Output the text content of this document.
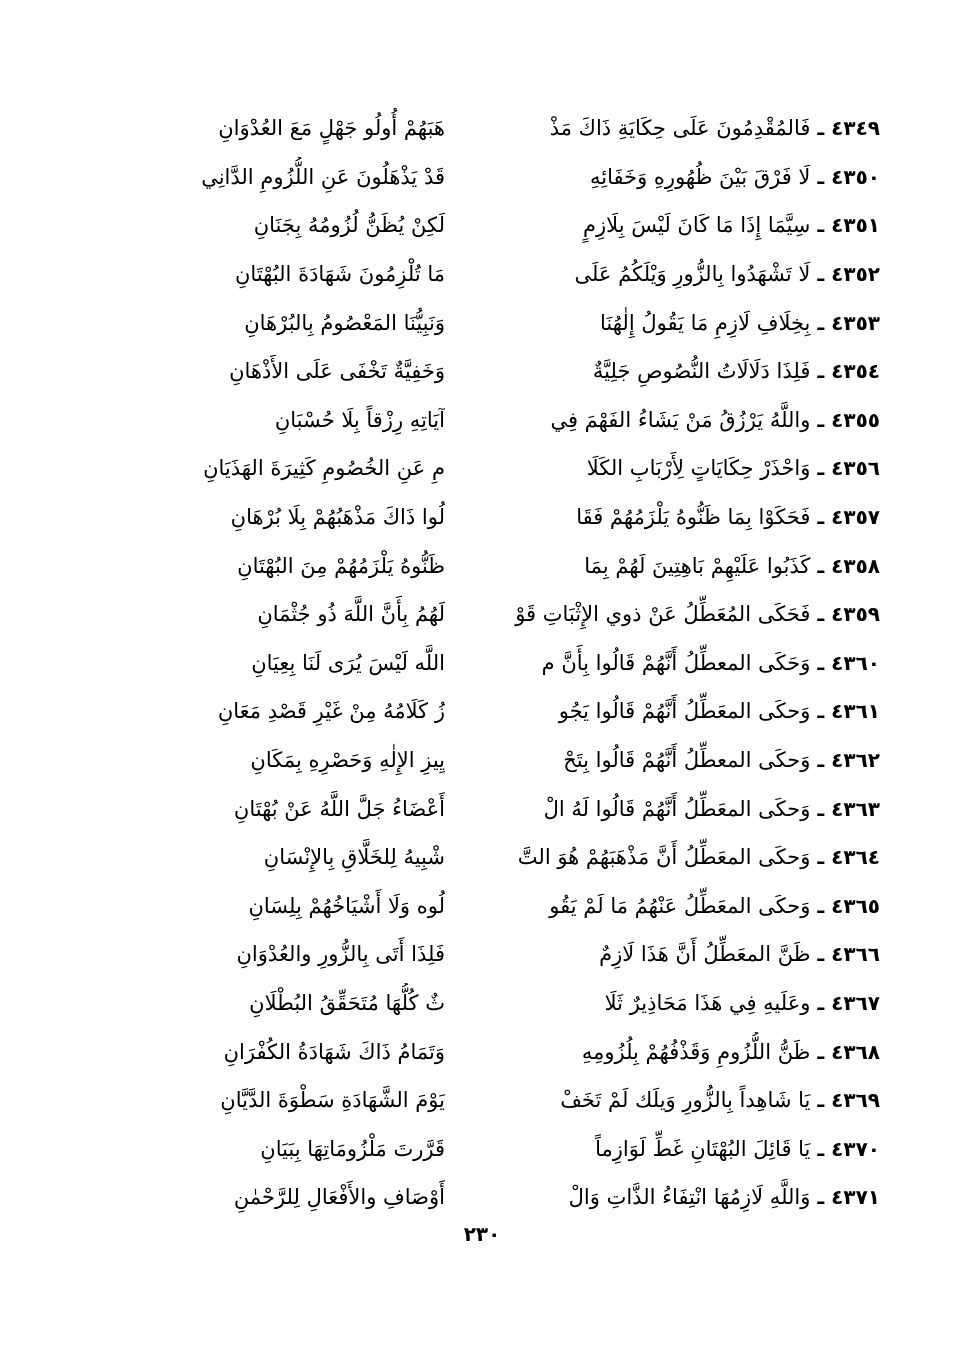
٤٣٤٩ ـ فَالمُقْدِمُونَ عَلَى حِكَايَةِ ذَاكَ مَذْ
هَبَهُمْ أُولُو جَهْلٍ مَعَ العُدْوَانِ
٤٣٥٠ ـ لَا فَرْقَ بَيْنَ ظُهُورِهِ وَخَفَائِهِ
قَدْ يَذْهَلُونَ عَنِ اللُّزُومِ الدَّانِي
٤٣٥١ ـ سِيَّمَا إِذَا مَا كَانَ لَيْسَ بِلَازِمٍ
لَكِنْ يُظَنُّ لُزُومُهُ بِجَنَانِ
٤٣٥٢ ـ لَا تَشْهَدُوا بِالزُّورِ وَيْلَكُمُ عَلَى
مَا تُلْزِمُونَ شَهَادَةَ البُهْتَانِ
٤٣٥٣ ـ بِخِلَافِ لَازِمِ مَا يَقُولُ إِلٰهُنَا
وَنَبِيُّنَا المَعْصُومُ بِالبُرْهَانِ
٤٣٥٤ ـ فَلِذَا دَلَالَاتُ النُّصُوصِ جَلِيَّةٌ
وَخَفِيَّةٌ تَخْفَى عَلَى الأَذْهَانِ
٤٣٥٥ ـ واللَّهُ يَرْزُقُ مَنْ يَشَاءُ الفَهْمَ فِي
آيَاتِهِ رِزْقاً بِلَا حُسْبَانِ
٤٣٥٦ ـ وَاحْذَرْ حِكَايَاتٍ لِأَرْبَابِ الكَلَا
مِ عَنِ الخُصُومِ كَثِيرَةَ الهَذَيَانِ
٤٣٥٧ ـ فَحَكَوْا بِمَا ظَنُّوهُ يَلْزَمُهُمْ فَقَا
لُوا ذَاكَ مَذْهَبُهُمْ بِلَا بُرْهَانِ
٤٣٥٨ ـ كَذَبُوا عَلَيْهِمْ بَاهِتِينَ لَهُمْ بِمَا
ظَنُّوهُ يَلْزَمُهُمْ مِنَ البُهْتَانِ
٤٣٥٩ ـ فَحَكَى المُعَطِّلُ عَنْ ذوي الإِثْبَاتِ قَوْ
لَهُمُ بِأَنَّ اللَّهَ ذُو جُثْمَانِ
٤٣٦٠ ـ وَحَكَى المعطِّلُ أَنَّهُمْ قَالُوا بِأَنَّ م
اللَّه لَيْسَ يُرَى لَنَا بِعِيَانِ
٤٣٦١ ـ وَحكَى المعَطِّلُ أَنَّهُمْ قَالُوا يَجُو
زُ كَلَامُهُ مِنْ غَيْرِ قَصْدِ مَعَانِ
٤٣٦٢ ـ وَحكَى المعطِّلُ أَنَّهُمْ قَالُوا بِتَحْ
يِيزِ الإِلٰهِ وَحَصْرِهِ بِمَكَانِ
٤٣٦٣ ـ وَحكَى المعَطِّلُ أَنَّهُمْ قَالُوا لَهُ الْ
أَعْضَاءُ جَلَّ اللَّهُ عَنْ بُهْتَانِ
٤٣٦٤ ـ وَحكَى المعَطِّلُ أَنَّ مَذْهَبَهُمْ هُوَ التَّ
شْبِيهُ لِلخَلَّاقِ بِالإِنْسَانِ
٤٣٦٥ ـ وَحكَى المعَطِّلُ عَنْهُمُ مَا لَمْ يَقُو
لُوه وَلَا أَشْيَاخُهُمْ بِلِسَانِ
٤٣٦٦ ـ ظَنَّ المعَطِّلُ أَنَّ هَذَا لَازِمٌ
فَلِذَا أَتَى بِالزُّورِ والعُدْوَانِ
٤٣٦٧ ـ وعَلَيهِ فِي هَذَا مَحَاذِيرٌ ثَلَا
ثٌ كُلُّهَا مُتَحَقِّقُ البُطْلَانِ
٤٣٦٨ ـ ظَنُّ اللُّزُومِ وَقَذْفُهُمْ بِلُزُومِهِ
وَتَمَامُ ذَاكَ شَهَادَةُ الكُفْرَانِ
٤٣٦٩ ـ يَا شَاهِداً بِالزُّورِ وَيلَك لَمْ تَخَفْ
يَوْمَ الشَّهَادَةِ سَطْوَةَ الدَّيَّانِ
٤٣٧٠ ـ يَا قَائِلَ البُهْتَانِ غَطِّ لَوَازِماً
قَرَّرتَ مَلْزُومَاتِهَا بِبَيَانِ
٤٣٧١ ـ وَاللَّهِ لَازِمُهَا انْتِفَاءُ الذَّاتِ وَالْ
أَوْصَافِ والأَفْعَالِ لِلرَّحْمٰنِ
٢٣٠
